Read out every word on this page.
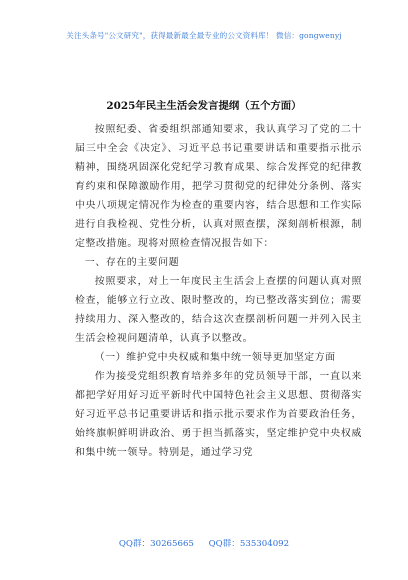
关注头条号"公文研究"，获得最新最全最专业的公文资料库！ 微信：gongwenyj
2025年民主生活会发言提纲（五个方面）

按照纪委、省委组织部通知要求，我认真学习了党的二十届三中全会《决定》、习近平总书记重要讲话和重要指示批示精神，围绕巩固深化党纪学习教育成果、综合发挥党的纪律教育约束和保障激励作用，把学习贯彻党的纪律处分条例、落实中央八项规定情况作为检查的重要内容，结合思想和工作实际进行自我检视、党性分析，认真对照查摆，深刻剖析根源，制定整改措施。现将对照检查情况报告如下：

一、存在的主要问题

按照要求，对上一年度民主生活会上查摆的问题认真对照检查，能够立行立改、限时整改的，均已整改落实到位；需要持续用力、深入整改的，结合这次查摆剖析问题一并列入民主生活会检视问题清单，认真予以整改。

（一）维护党中央权威和集中统一领导更加坚定方面

作为接受党组织教育培养多年的党员领导干部，一直以来都把学好用好习近平新时代中国特色社会主义思想、贯彻落实好习近平总书记重要讲话和指示批示要求作为首要政治任务，始终旗帜鲜明讲政治、勇于担当抓落实，坚定维护党中央权威和集中统一领导。特别是，通过学习党

QQ群：30265665 QQ群：535304092
